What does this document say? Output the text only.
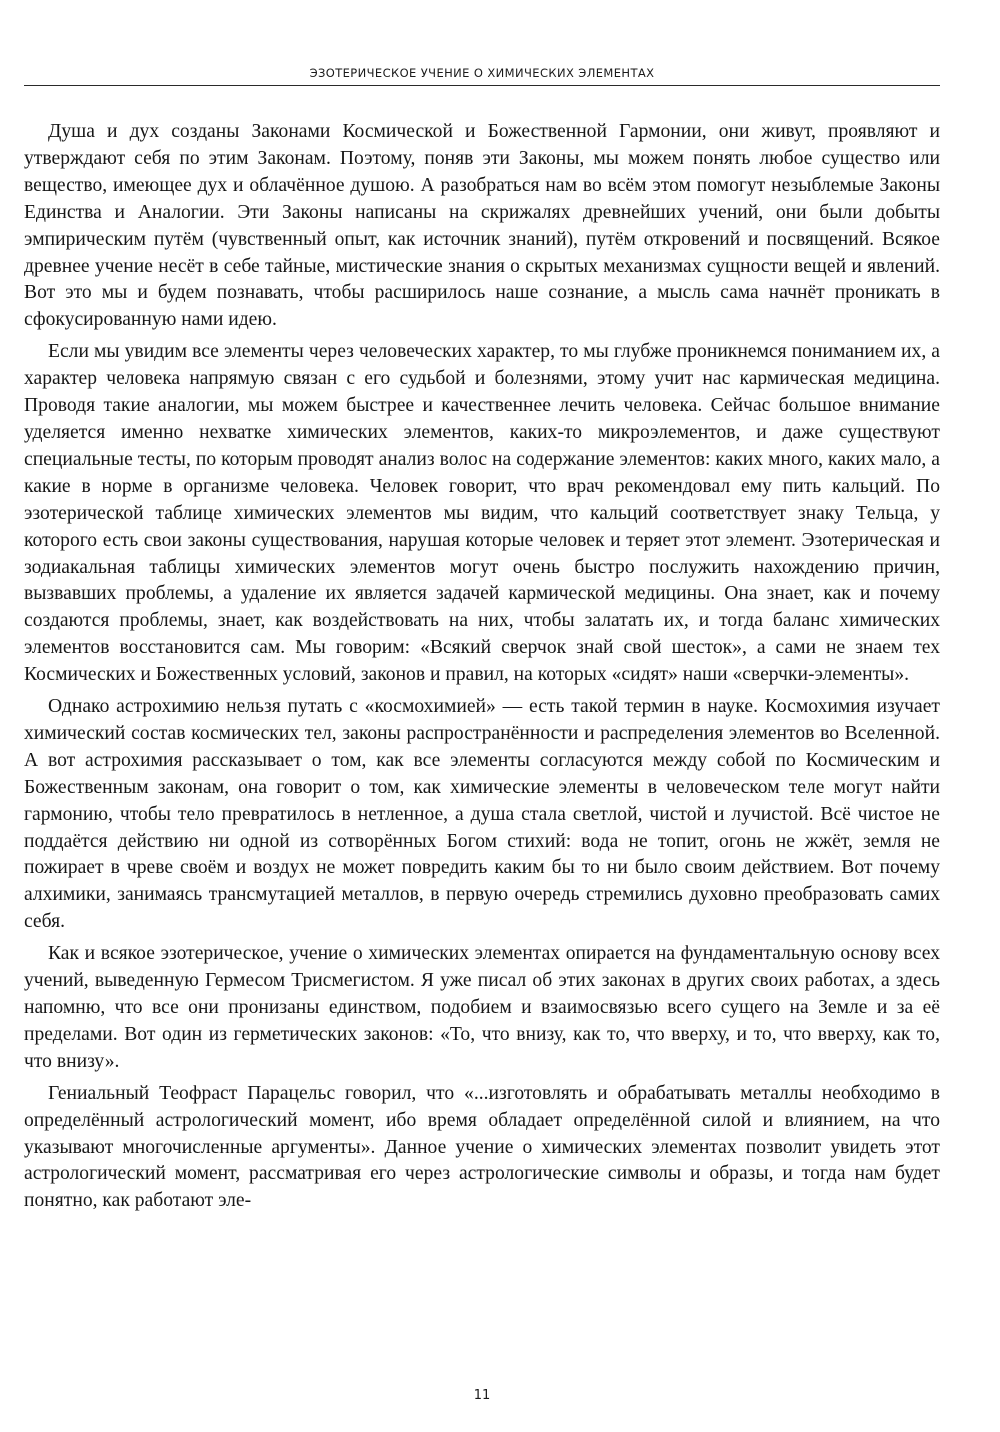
ЭЗОТЕРИЧЕСКОЕ УЧЕНИЕ О ХИМИЧЕСКИХ ЭЛЕМЕНТАХ

Душа и дух созданы Законами Космической и Божественной Гармонии, они живут, проявляют и утверждают себя по этим Законам. Поэтому, поняв эти Законы, мы можем понять любое существо или вещество, имеющее дух и облачённое душою. А разобраться нам во всём этом помогут незыблемые Законы Единства и Аналогии. Эти Законы написаны на скрижалях древнейших учений, они были добыты эмпирическим путём (чувственный опыт, как источник знаний), путём откровений и посвящений. Всякое древнее учение несёт в себе тайные, мистические знания о скрытых механизмах сущности вещей и явлений. Вот это мы и будем познавать, чтобы расширилось наше сознание, а мысль сама начнёт проникать в сфокусированную нами идею.

Если мы увидим все элементы через человеческих характер, то мы глубже проникнемся пониманием их, а характер человека напрямую связан с его судьбой и болезнями, этому учит нас кармическая медицина. Проводя такие аналогии, мы можем быстрее и качественнее лечить человека. Сейчас большое внимание уделяется именно нехватке химических элементов, каких-то микроэлементов, и даже существуют специальные тесты, по которым проводят анализ волос на содержание элементов: каких много, каких мало, а какие в норме в организме человека. Человек говорит, что врач рекомендовал ему пить кальций. По эзотерической таблице химических элементов мы видим, что кальций соответствует знаку Тельца, у которого есть свои законы существования, нарушая которые человек и теряет этот элемент. Эзотерическая и зодиакальная таблицы химических элементов могут очень быстро послужить нахождению причин, вызвавших проблемы, а удаление их является задачей кармической медицины. Она знает, как и почему создаются проблемы, знает, как воздействовать на них, чтобы залатать их, и тогда баланс химических элементов восстановится сам. Мы говорим: «Всякий сверчок знай свой шесток», а сами не знаем тех Космических и Божественных условий, законов и правил, на которых «сидят» наши «сверчки-элементы».

Однако астрохимию нельзя путать с «космохимией» — есть такой термин в науке. Космохимия изучает химический состав космических тел, законы распространённости и распределения элементов во Вселенной. А вот астрохимия рассказывает о том, как все элементы согласуются между собой по Космическим и Божественным законам, она говорит о том, как химические элементы в человеческом теле могут найти гармонию, чтобы тело превратилось в нетленное, а душа стала светлой, чистой и лучистой. Всё чистое не поддаётся действию ни одной из сотворённых Богом стихий: вода не топит, огонь не жжёт, земля не пожирает в чреве своём и воздух не может повредить каким бы то ни было своим действием. Вот почему алхимики, занимаясь трансмутацией металлов, в первую очередь стремились духовно преобразовать самих себя.

Как и всякое эзотерическое, учение о химических элементах опирается на фундаментальную основу всех учений, выведенную Гермесом Трисмегистом. Я уже писал об этих законах в других своих работах, а здесь напомню, что все они пронизаны единством, подобием и взаимосвязью всего сущего на Земле и за её пределами. Вот один из герметических законов: «То, что внизу, как то, что вверху, и то, что вверху, как то, что внизу».

Гениальный Теофраст Парацельс говорил, что «...изготовлять и обрабатывать металлы необходимо в определённый астрологический момент, ибо время обладает определённой силой и влиянием, на что указывают многочисленные аргументы». Данное учение о химических элементах позволит увидеть этот астрологический момент, рассматривая его через астрологические символы и образы, и тогда нам будет понятно, как работают эле-

11
